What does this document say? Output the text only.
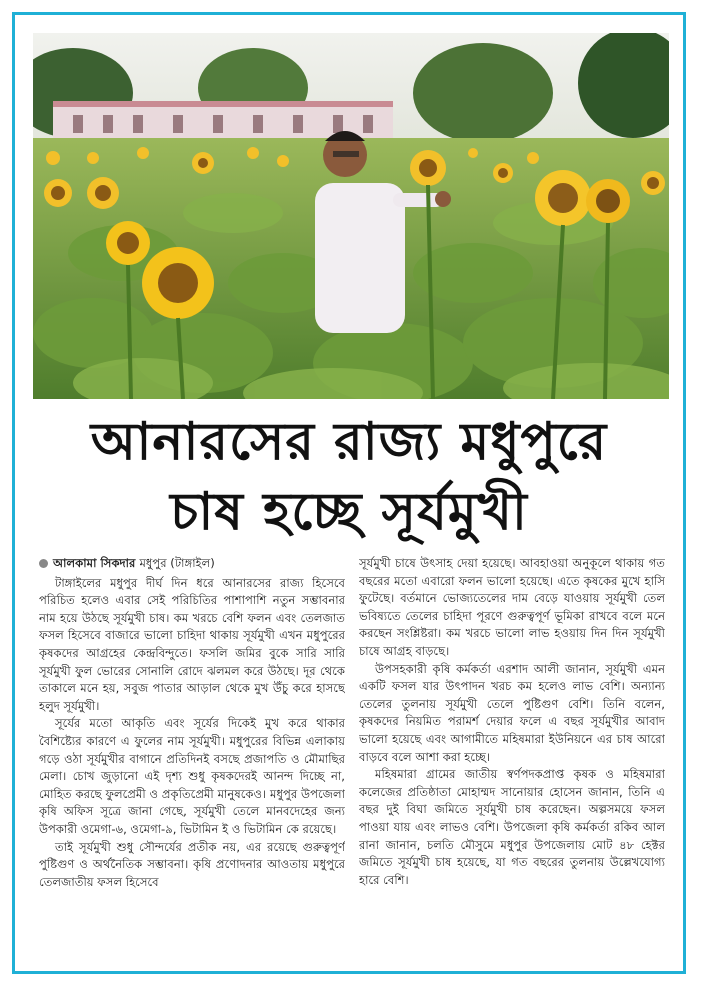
আনারসের রাজ্য মধুপুরে
চাষ হচ্ছে সূর্যমুখী

আলকামা সিকদার মধুপুর (টাঙ্গাইল)

টাঙ্গাইলের মধুপুর দীর্ঘ দিন ধরে আনারসের রাজ্য হিসেবে পরিচিত হলেও এবার সেই পরিচিতির পাশাপাশি নতুন সম্ভাবনার নাম হয়ে উঠছে সূর্যমুখী চাষ। কম খরচে বেশি ফলন এবং তেলজাত ফসল হিসেবে বাজারে ভালো চাহিদা থাকায় সূর্যমুখী এখন মধুপুরের কৃষকদের আগ্রহের কেন্দ্রবিন্দুতে। ফসলি জমির বুকে সারি সারি সূর্যমুখী ফুল ভোরের সোনালি রোদে ঝলমল করে উঠছে। দূর থেকে তাকালে মনে হয়, সবুজ পাতার আড়াল থেকে মুখ উঁচু করে হাসছে হলুদ সূর্যমুখী।

সূর্যের মতো আকৃতি এবং সূর্যের দিকেই মুখ করে থাকার বৈশিষ্ট্যের কারণে এ ফুলের নাম সূর্যমুখী। মধুপুরের বিভিন্ন এলাকায় গড়ে ওঠা সূর্যমুখীর বাগানে প্রতিদিনই বসছে প্রজাপতি ও মৌমাছির মেলা। চোখ জুড়ানো এই দৃশ্য শুধু কৃষকদেরই আনন্দ দিচ্ছে না, মোহিত করছে ফুলপ্রেমী ও প্রকৃতিপ্রেমী মানুষকেও। মধুপুর উপজেলা কৃষি অফিস সূত্রে জানা গেছে, সূর্যমুখী তেলে মানবদেহের জন্য উপকারী ওমেগা-৬, ওমেগা-৯, ভিটামিন ই ও ভিটামিন কে রয়েছে।

তাই সূর্যমুখী শুধু সৌন্দর্যের প্রতীক নয়, এর রয়েছে গুরুত্বপূর্ণ পুষ্টিগুণ ও অর্থনৈতিক সম্ভাবনা। কৃষি প্রণোদনার আওতায় মধুপুরে তেলজাতীয় ফসল হিসেবে

সূর্যমুখী চাষে উৎসাহ দেয়া হয়েছে। আবহাওয়া অনুকূলে থাকায় গত বছরের মতো এবারো ফলন ভালো হয়েছে। এতে কৃষকের মুখে হাসি ফুটেছে। বর্তমানে ভোজ্যতেলের দাম বেড়ে যাওয়ায় সূর্যমুখী তেল ভবিষ্যতে তেলের চাহিদা পূরণে গুরুত্বপূর্ণ ভূমিকা রাখবে বলে মনে করছেন সংশ্লিষ্টরা। কম খরচে ভালো লাভ হওয়ায় দিন দিন সূর্যমুখী চাষে আগ্রহ বাড়ছে।

উপসহকারী কৃষি কর্মকর্তা এরশাদ আলী জানান, সূর্যমুখী এমন একটি ফসল যার উৎপাদন খরচ কম হলেও লাভ বেশি। অন্যান্য তেলের তুলনায় সূর্যমুখী তেলে পুষ্টিগুণ বেশি। তিনি বলেন, কৃষকদের নিয়মিত পরামর্শ দেয়ার ফলে এ বছর সূর্যমুখীর আবাদ ভালো হয়েছে এবং আগামীতে মহিষমারা ইউনিয়নে এর চাষ আরো বাড়বে বলে আশা করা হচ্ছে।

মহিষমারা গ্রামের জাতীয় স্বর্ণপদকপ্রাপ্ত কৃষক ও মহিষমারা কলেজের প্রতিষ্ঠাতা মোহাম্মদ সানোয়ার হোসেন জানান, তিনি এ বছর দুই বিঘা জমিতে সূর্যমুখী চাষ করেছেন। অল্পসময়ে ফসল পাওয়া যায় এবং লাভও বেশি। উপজেলা কৃষি কর্মকর্তা রকিব আল রানা জানান, চলতি মৌসুমে মধুপুর উপজেলায় মোট ৪৮ হেক্টর জমিতে সূর্যমুখী চাষ হয়েছে, যা গত বছরের তুলনায় উল্লেখযোগ্য হারে বেশি।
